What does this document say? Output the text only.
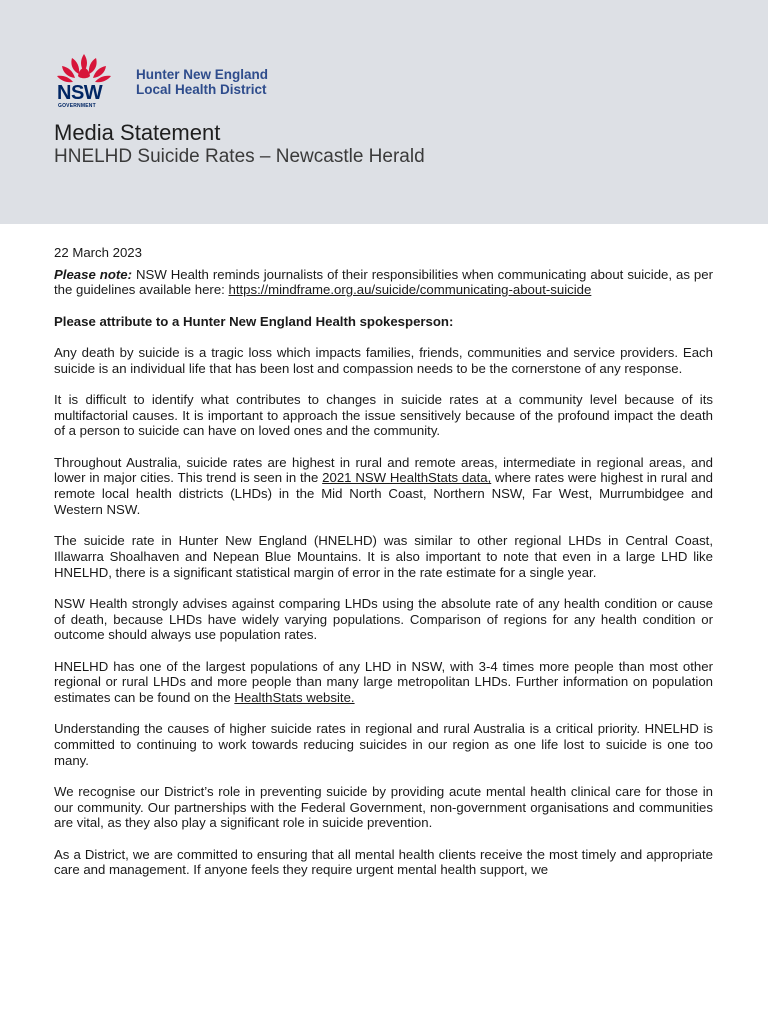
NSW
GOVERNMENT
Hunter New England
Local Health District
Media Statement
HNELHD Suicide Rates – Newcastle Herald

22 March 2023

Please note: NSW Health reminds journalists of their responsibilities when communicating about suicide, as per the guidelines available here: https://mindframe.org.au/suicide/communicating-about-suicide

Please attribute to a Hunter New England Health spokesperson:

Any death by suicide is a tragic loss which impacts families, friends, communities and service providers. Each suicide is an individual life that has been lost and compassion needs to be the cornerstone of any response.

It is difficult to identify what contributes to changes in suicide rates at a community level because of its multifactorial causes. It is important to approach the issue sensitively because of the profound impact the death of a person to suicide can have on loved ones and the community.

Throughout Australia, suicide rates are highest in rural and remote areas, intermediate in regional areas, and lower in major cities. This trend is seen in the 2021 NSW HealthStats data, where rates were highest in rural and remote local health districts (LHDs) in the Mid North Coast, Northern NSW, Far West, Murrumbidgee and Western NSW.

The suicide rate in Hunter New England (HNELHD) was similar to other regional LHDs in Central Coast, Illawarra Shoalhaven and Nepean Blue Mountains. It is also important to note that even in a large LHD like HNELHD, there is a significant statistical margin of error in the rate estimate for a single year.

NSW Health strongly advises against comparing LHDs using the absolute rate of any health condition or cause of death, because LHDs have widely varying populations. Comparison of regions for any health condition or outcome should always use population rates.

HNELHD has one of the largest populations of any LHD in NSW, with 3-4 times more people than most other regional or rural LHDs and more people than many large metropolitan LHDs. Further information on population estimates can be found on the HealthStats website.

Understanding the causes of higher suicide rates in regional and rural Australia is a critical priority. HNELHD is committed to continuing to work towards reducing suicides in our region as one life lost to suicide is one too many.

We recognise our District’s role in preventing suicide by providing acute mental health clinical care for those in our community. Our partnerships with the Federal Government, non-government organisations and communities are vital, as they also play a significant role in suicide prevention.

As a District, we are committed to ensuring that all mental health clients receive the most timely and appropriate care and management. If anyone feels they require urgent mental health support, we
